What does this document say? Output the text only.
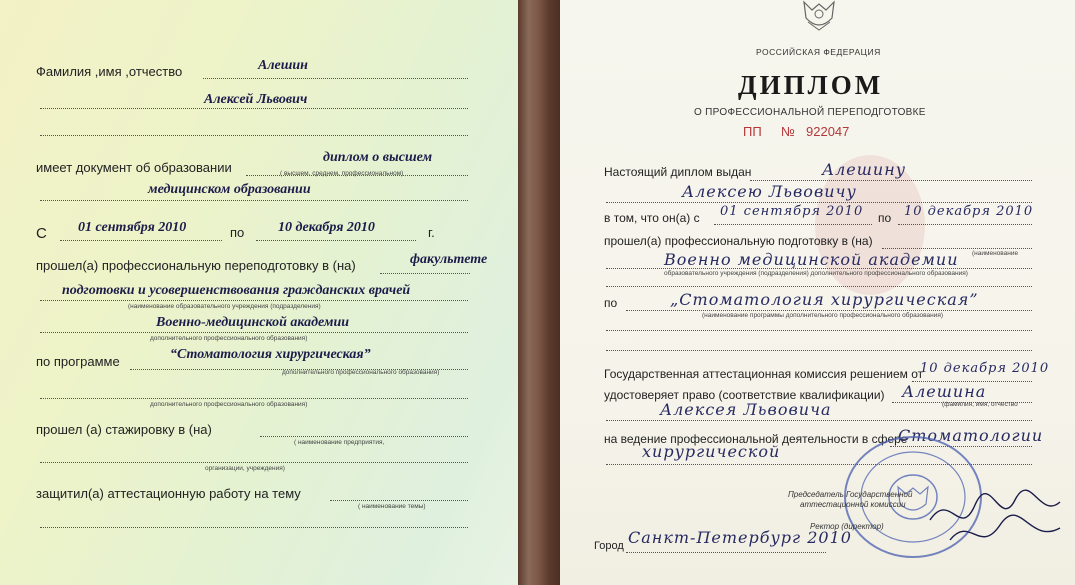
Фамилия ,имя ,отчество	Алешин
Алексей Львович
имеет документ об образовании
диплом о высшем
( высшем, среднем, профессиональном)
медицинском образовании
С 01 сентября 2010	по 10 декабря 2010	г.
прошел(а) профессиональную переподготовку в (на)	факультете
подготовки и усовершенствования гражданских врачей
(наименование образовательного учреждения (подразделения)
Военно-медицинской академии
дополнительного профессионального образования)
по программе	“Стоматология хирургическая”
дополнительного профессионального образования)
дополнительного профессионального образования)
прошел (а) стажировку в (на)
( наименование предприятия,
организации, учреждения)
защитил(а) аттестационную работу на тему
( наименование темы)
РОССИЙСКАЯ ФЕДЕРАЦИЯ
ДИПЛОМ
О ПРОФЕССИОНАЛЬНОЙ ПЕРЕПОДГОТОВКЕ
ПП № 922047
Настоящий диплом выдан	Алешину
Алексею Львовичу
в том, что он(а) с 01 сентября 2010 по 10 декабря 2010
прошел(а) профессиональную подготовку в (на)
(наименование
Военно медицинской академии
образовательного учреждения (подразделения) дополнительного профессионального образования)
по	„Стоматология хирургическая”
(наименование программы дополнительного профессионального образования)
Государственная аттестационная комиссия решением от
10 декабря 2010
удостоверяет право (соответствие квалификации) Алешина
(фамилия, имя, отчество
Алексея Львовича
на ведение профессиональной деятельности в сфере
Стоматологии
хирургической
Председатель Государственной
аттестационной комиссии
Ректор (директор)
Город Санкт-Петербург 2010
